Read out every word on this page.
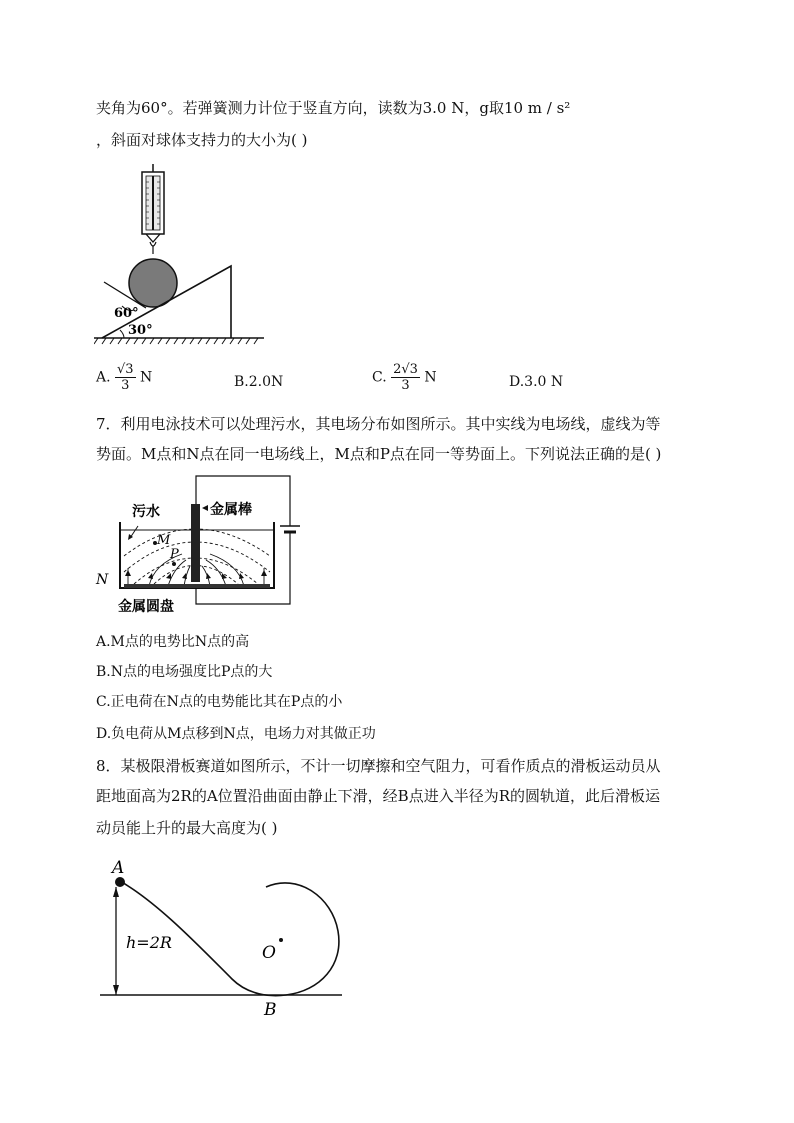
夹角为60°。若弹簧测力计位于竖直方向，读数为3.0 N，g取10 m / s²
，斜面对球体支持力的大小为( )
60°
30°
A. $\frac{√3}{3}$ N	B.2.0N	C. $\frac{2√3}{3}$ N	D.3.0 N
7．利用电泳技术可以处理污水，其电场分布如图所示。其中实线为电场线，虚线为等
势面。M点和N点在同一电场线上，M点和P点在同一等势面上。下列说法正确的是( )
污水	金属棒
金属圆盘
M
P
N
A.M点的电势比N点的高
B.N点的电场强度比P点的大
C.正电荷在N点的电势能比其在P点的小
D.负电荷从M点移到N点，电场力对其做正功
8．某极限滑板赛道如图所示，不计一切摩擦和空气阻力，可看作质点的滑板运动员从
距地面高为2R的A位置沿曲面由静止下滑，经B点进入半径为R的圆轨道，此后滑板运
动员能上升的最大高度为( )
A
h=2R
O
B
